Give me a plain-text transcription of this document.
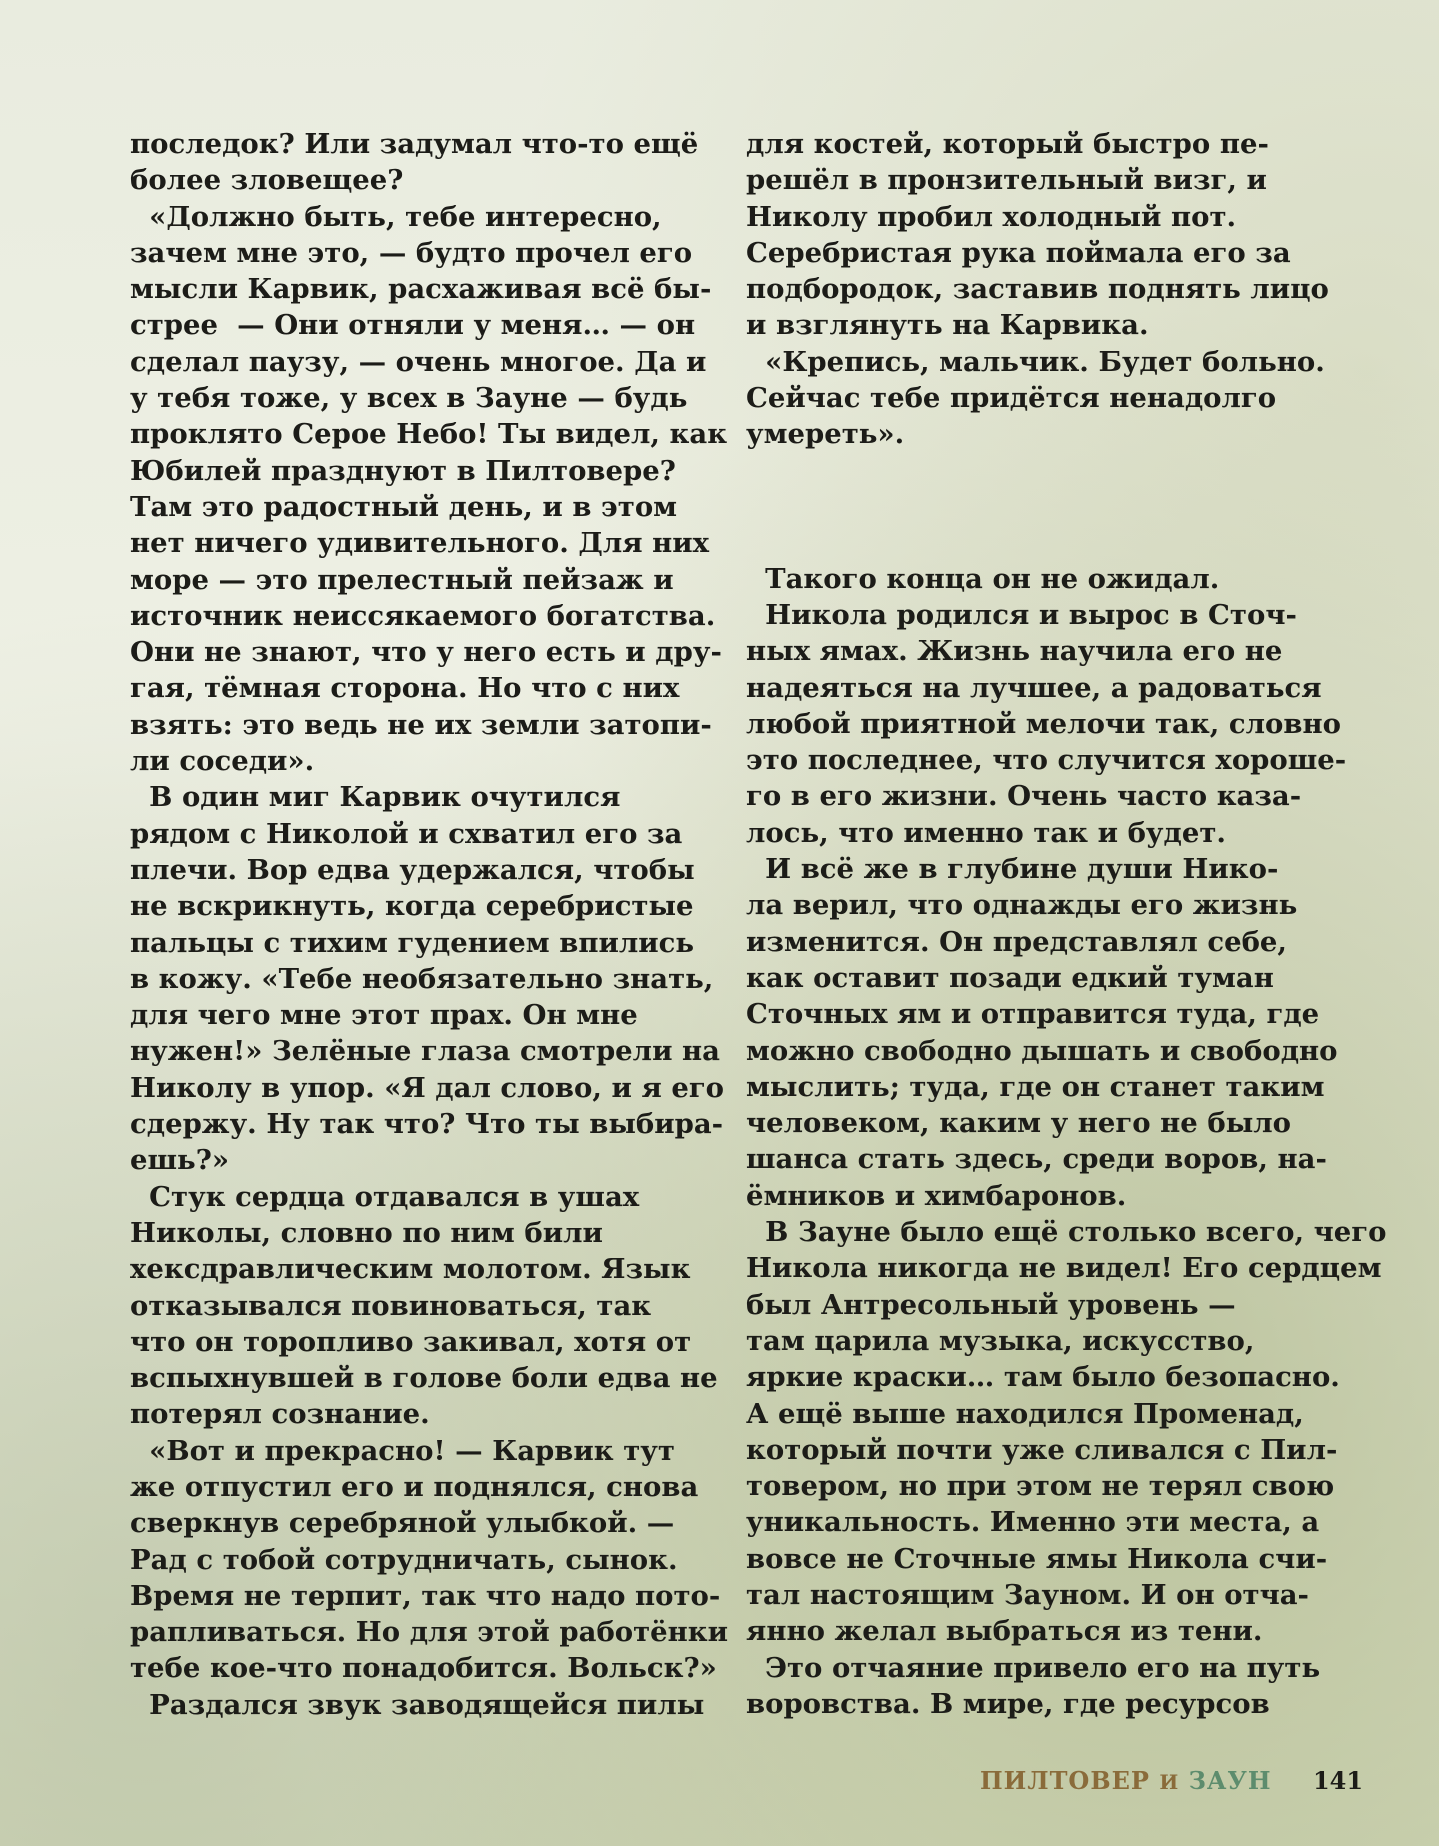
последок? Или задумал что-то ещё
более зловещее?
«Должно быть, тебе интересно,
зачем мне это, — будто прочел его
мысли Карвик, расхаживая всё бы-
стрее  — Они отняли у меня… — он
сделал паузу, — очень многое. Да и
у тебя тоже, у всех в Зауне — будь
проклято Серое Небо! Ты видел, как
Юбилей празднуют в Пилтовере?
Там это радостный день, и в этом
нет ничего удивительного. Для них
море — это прелестный пейзаж и
источник неиссякаемого богатства.
Они не знают, что у него есть и дру-
гая, тёмная сторона. Но что с них
взять: это ведь не их земли затопи-
ли соседи».
В один миг Карвик очутился
рядом с Николой и схватил его за
плечи. Вор едва удержался, чтобы
не вскрикнуть, когда серебристые
пальцы с тихим гудением впились
в кожу. «Тебе необязательно знать,
для чего мне этот прах. Он мне
нужен!» Зелёные глаза смотрели на
Николу в упор. «Я дал слово, и я его
сдержу. Ну так что? Что ты выбира-
ешь?»
Стук сердца отдавался в ушах
Николы, словно по ним били
хексдравлическим молотом. Язык
отказывался повиноваться, так
что он торопливо закивал, хотя от
вспыхнувшей в голове боли едва не
потерял сознание.
«Вот и прекрасно! — Карвик тут
же отпустил его и поднялся, снова
сверкнув серебряной улыбкой. —
Рад с тобой сотрудничать, сынок.
Время не терпит, так что надо пото-
рапливаться. Но для этой работёнки
тебе кое-что понадобится. Вольск?»
Раздался звук заводящейся пилы
для костей, который быстро пе-
решёл в пронзительный визг, и
Николу пробил холодный пот.
Серебристая рука поймала его за
подбородок, заставив поднять лицо
и взглянуть на Карвика.
«Крепись, мальчик. Будет больно.
Сейчас тебе придётся ненадолго
умереть».
Такого конца он не ожидал.
Никола родился и вырос в Сточ-
ных ямах. Жизнь научила его не
надеяться на лучшее, а радоваться
любой приятной мелочи так, словно
это последнее, что случится хороше-
го в его жизни. Очень часто каза-
лось, что именно так и будет.
И всё же в глубине души Нико-
ла верил, что однажды его жизнь
изменится. Он представлял себе,
как оставит позади едкий туман
Сточных ям и отправится туда, где
можно свободно дышать и свободно
мыслить; туда, где он станет таким
человеком, каким у него не было
шанса стать здесь, среди воров, на-
ёмников и химбаронов.
В Зауне было ещё столько всего, чего
Никола никогда не видел! Его сердцем
был Антресольный уровень —
там царила музыка, искусство,
яркие краски… там было безопасно.
А ещё выше находился Променад,
который почти уже сливался с Пил-
товером, но при этом не терял свою
уникальность. Именно эти места, а
вовсе не Сточные ямы Никола счи-
тал настоящим Зауном. И он отча-
янно желал выбраться из тени.
Это отчаяние привело его на путь
воровства. В мире, где ресурсов
ПИЛТОВЕР И ЗАУН 141
